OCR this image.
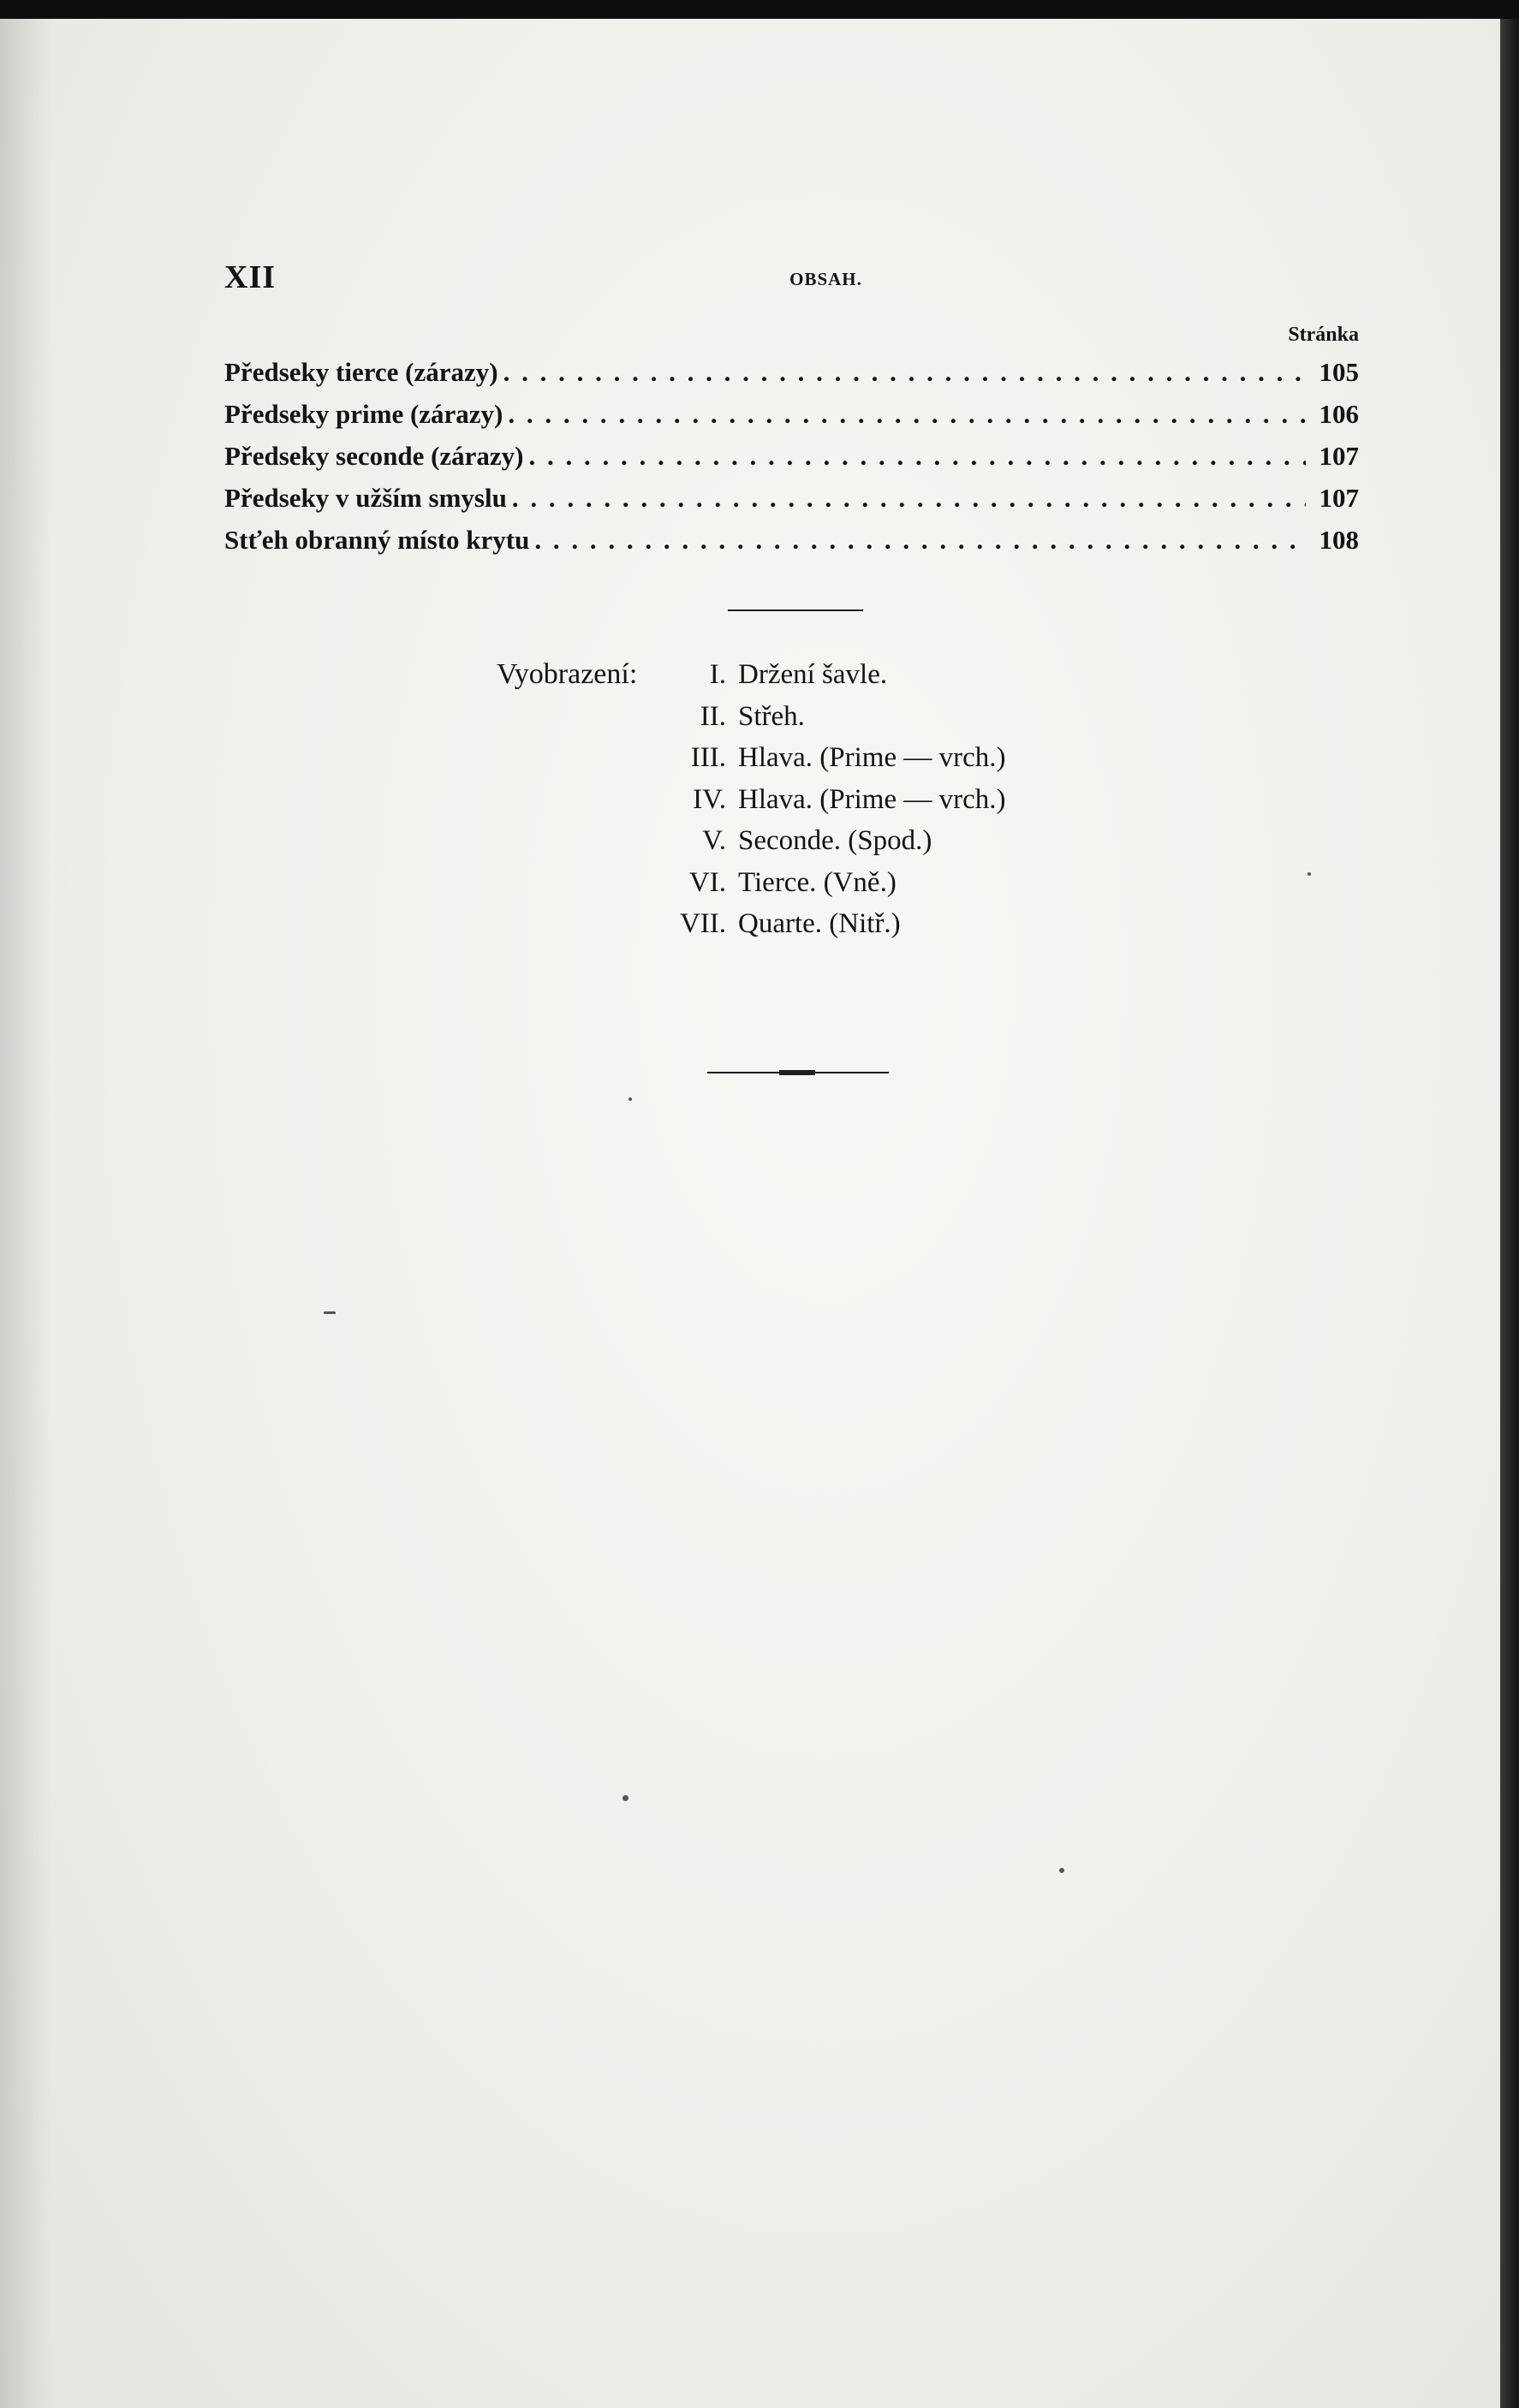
XII	OBSAH.
Stránka
Předseky tierce (zárazy) . . .	105
Předseky prime (zárazy) . . .	106
Předseky seconde (zárazy) . . .	107
Předseky v užším smyslu . . .	107
Stťeh obranný místo krytu . . .	108
Vyobrazení:	I. Držení šavle.
II. Střeh.
III. Hlava. (Prime — vrch.)
IV. Hlava. (Prime — vrch.)
V. Seconde. (Spod.)
VI. Tierce. (Vně.)
VII. Quarte. (Nitř.)
